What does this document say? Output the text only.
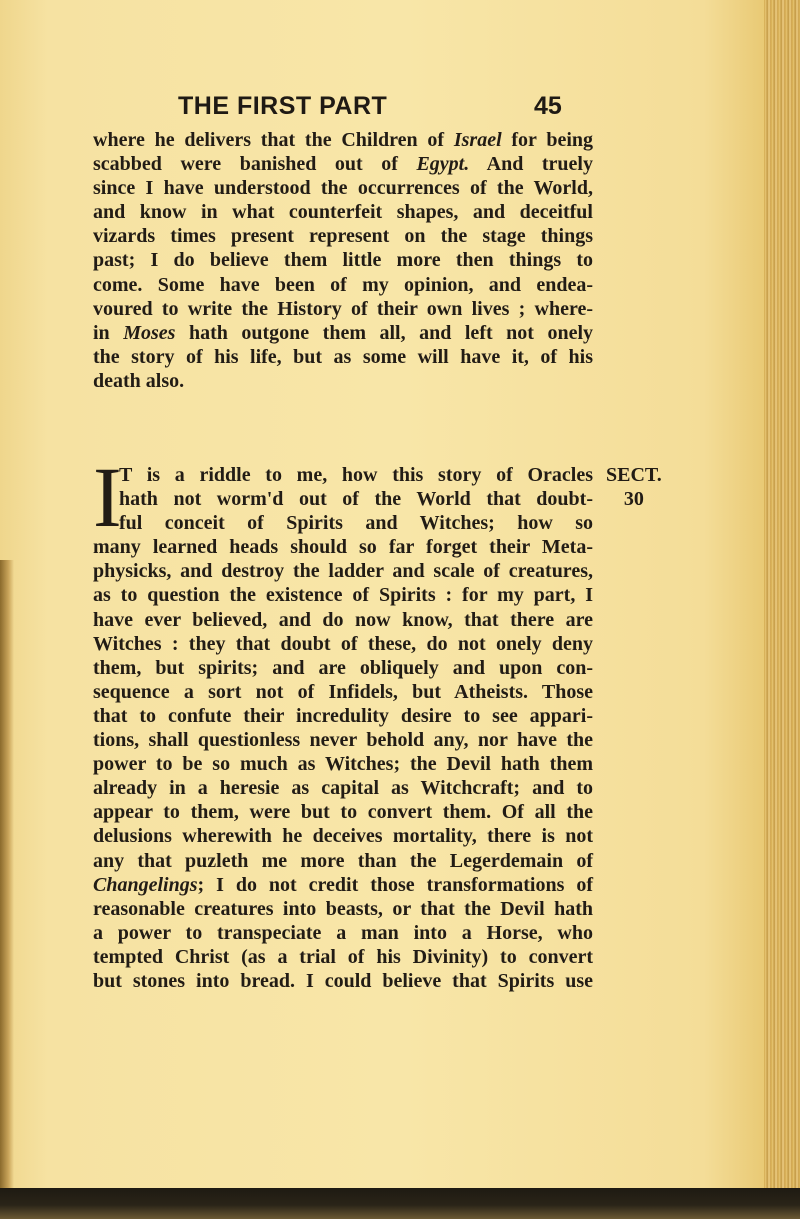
THE FIRST PART	45
where he delivers that the Children of Israel for being
scabbed were banished out of Egypt. And truely
since I have understood the occurrences of the World,
and know in what counterfeit shapes, and deceitful
vizards times present represent on the stage things
past; I do believe them little more then things to
come. Some have been of my opinion, and endea-
voured to write the History of their own lives ; where-
in Moses hath outgone them all, and left not onely
the story of his life, but as some will have it, of his
death also.
I
T is a riddle to me, how this story of Oracles
hath not worm'd out of the World that doubt-
ful conceit of Spirits and Witches; how so
many learned heads should so far forget their Meta-
physicks, and destroy the ladder and scale of creatures,
as to question the existence of Spirits : for my part, I
have ever believed, and do now know, that there are
Witches : they that doubt of these, do not onely deny
them, but spirits; and are obliquely and upon con-
sequence a sort not of Infidels, but Atheists. Those
that to confute their incredulity desire to see appari-
tions, shall questionless never behold any, nor have the
power to be so much as Witches; the Devil hath them
already in a heresie as capital as Witchcraft; and to
appear to them, were but to convert them. Of all the
delusions wherewith he deceives mortality, there is not
any that puzleth me more than the Legerdemain of
Changelings; I do not credit those transformations of
reasonable creatures into beasts, or that the Devil hath
a power to transpeciate a man into a Horse, who
tempted Christ (as a trial of his Divinity) to convert
but stones into bread. I could believe that Spirits use
SECT.
30
